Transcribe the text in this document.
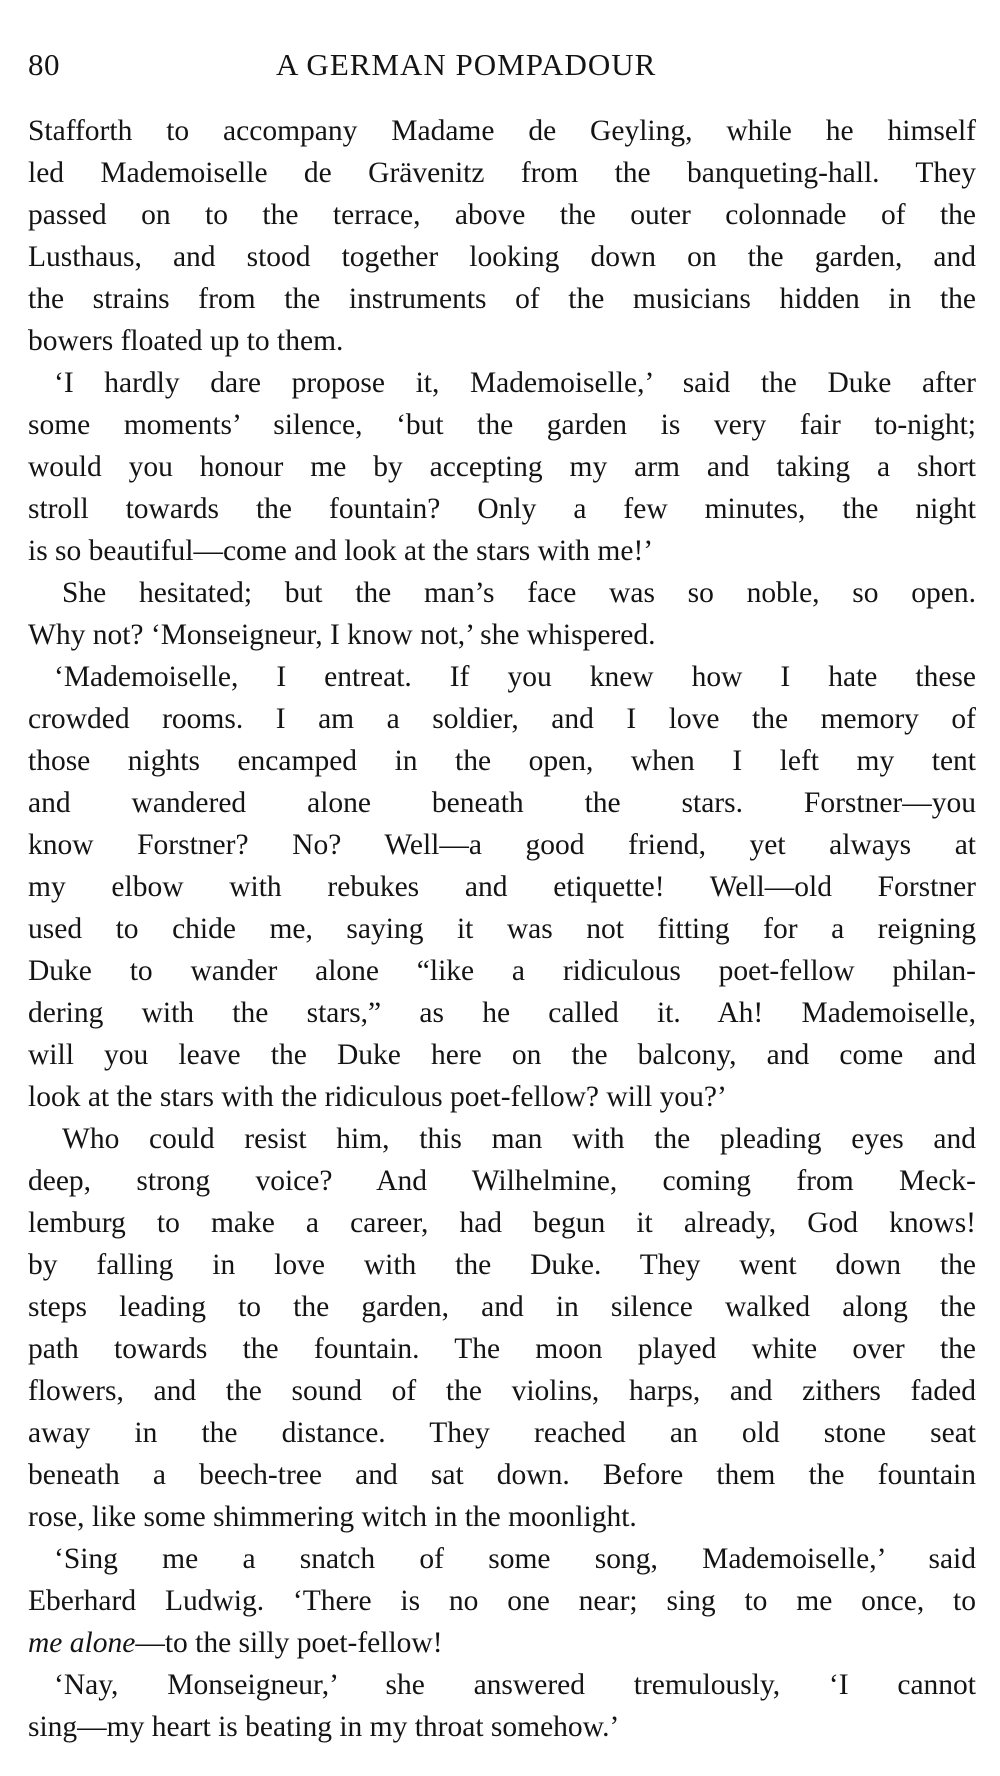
80	A GERMAN POMPADOUR
Stafforth to accompany Madame de Geyling, while he himself
led Mademoiselle de Grävenitz from the banqueting-hall. They
passed on to the terrace, above the outer colonnade of the
Lusthaus, and stood together looking down on the garden, and
the strains from the instruments of the musicians hidden in the
bowers floated up to them.
‘I hardly dare propose it, Mademoiselle,’ said the Duke after
some moments’ silence, ‘but the garden is very fair to-night;
would you honour me by accepting my arm and taking a short
stroll towards the fountain? Only a few minutes, the night
is so beautiful—come and look at the stars with me!’
She hesitated; but the man’s face was so noble, so open.
Why not? ‘Monseigneur, I know not,’ she whispered.
‘Mademoiselle, I entreat. If you knew how I hate these
crowded rooms. I am a soldier, and I love the memory of
those nights encamped in the open, when I left my tent
and wandered alone beneath the stars. Forstner—you
know Forstner? No? Well—a good friend, yet always at
my elbow with rebukes and etiquette! Well—old Forstner
used to chide me, saying it was not fitting for a reigning
Duke to wander alone “like a ridiculous poet-fellow philan-
dering with the stars,” as he called it. Ah! Mademoiselle,
will you leave the Duke here on the balcony, and come and
look at the stars with the ridiculous poet-fellow? will you?’
Who could resist him, this man with the pleading eyes and
deep, strong voice? And Wilhelmine, coming from Meck-
lemburg to make a career, had begun it already, God knows!
by falling in love with the Duke. They went down the
steps leading to the garden, and in silence walked along the
path towards the fountain. The moon played white over the
flowers, and the sound of the violins, harps, and zithers faded
away in the distance. They reached an old stone seat
beneath a beech-tree and sat down. Before them the fountain
rose, like some shimmering witch in the moonlight.
‘Sing me a snatch of some song, Mademoiselle,’ said
Eberhard Ludwig. ‘There is no one near; sing to me once, to
me alone—to the silly poet-fellow!
‘Nay, Monseigneur,’ she answered tremulously, ‘I cannot
sing—my heart is beating in my throat somehow.’
